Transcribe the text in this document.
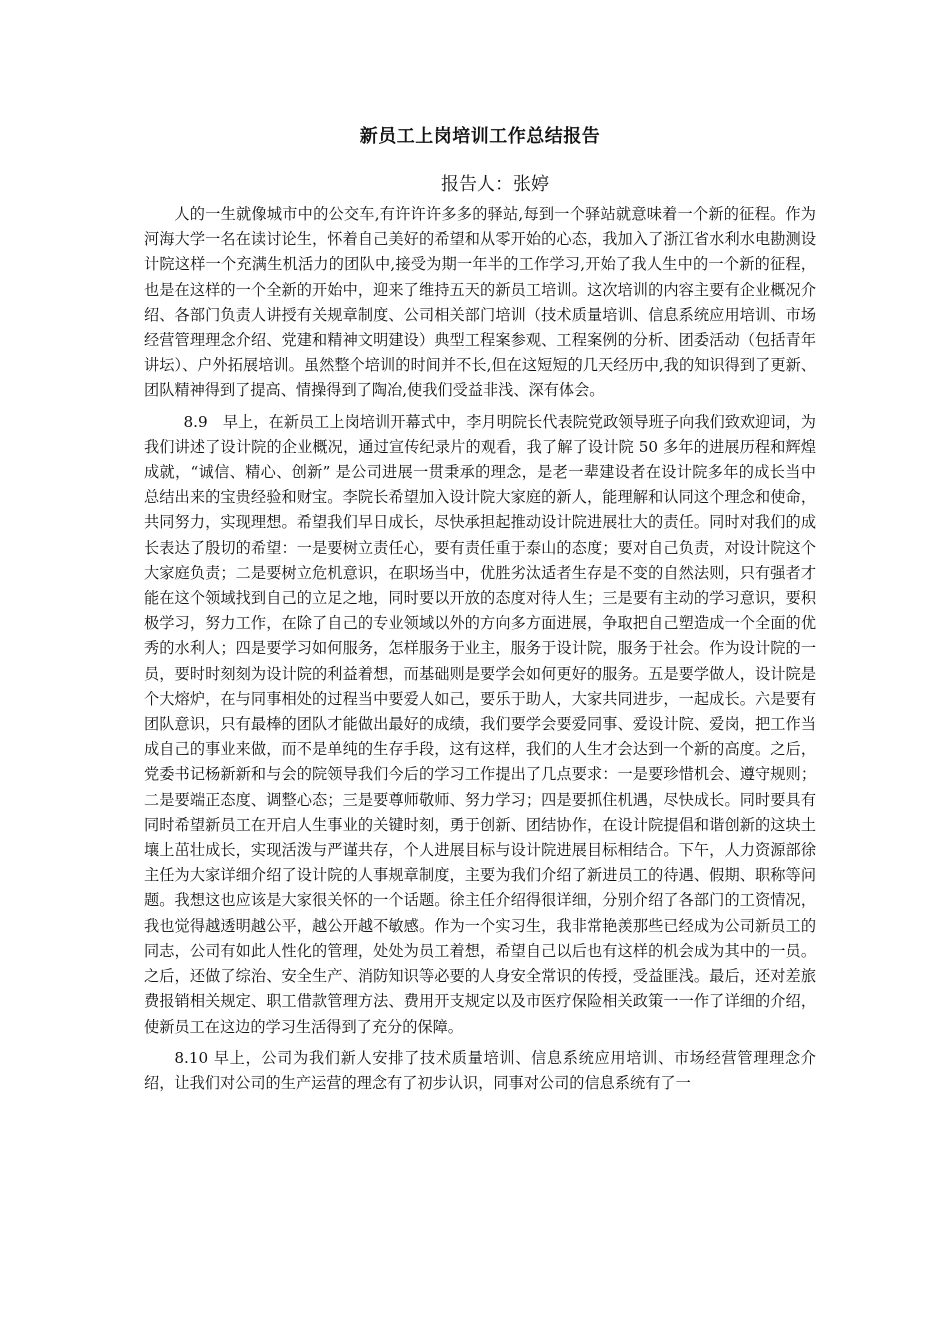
新员工上岗培训工作总结报告
报告人：张婷

人的一生就像城市中的公交车,有许许许多多的驿站,每到一个驿站就意味着一个新的征程。作为河海大学一名在读讨论生，怀着自己美好的希望和从零开始的心态，我加入了浙江省水利水电勘测设计院这样一个充满生机活力的团队中,接受为期一年半的工作学习,开始了我人生中的一个新的征程，也是在这样的一个全新的开始中，迎来了维持五天的新员工培训。这次培训的内容主要有企业概况介绍、各部门负责人讲授有关规章制度、公司相关部门培训（技术质量培训、信息系统应用培训、市场经营管理理念介绍、党建和精神文明建设）典型工程案参观、工程案例的分析、团委活动（包括青年讲坛）、户外拓展培训。虽然整个培训的时间并不长,但在这短短的几天经历中,我的知识得到了更新、团队精神得到了提高、情操得到了陶冶,使我们受益非浅、深有体会。

8.9　早上，在新员工上岗培训开幕式中，李月明院长代表院党政领导班子向我们致欢迎词，为我们讲述了设计院的企业概况，通过宣传纪录片的观看，我了解了设计院 50 多年的进展历程和辉煌成就，“诚信、精心、创新” 是公司进展一贯秉承的理念，是老一辈建设者在设计院多年的成长当中总结出来的宝贵经验和财宝。李院长希望加入设计院大家庭的新人，能理解和认同这个理念和使命，共同努力，实现理想。希望我们早日成长，尽快承担起推动设计院进展壮大的责任。同时对我们的成长表达了殷切的希望：一是要树立责任心，要有责任重于泰山的态度；要对自己负责，对设计院这个大家庭负责；二是要树立危机意识，在职场当中，优胜劣汰适者生存是不变的自然法则，只有强者才能在这个领域找到自己的立足之地，同时要以开放的态度对待人生；三是要有主动的学习意识，要积极学习，努力工作，在除了自己的专业领域以外的方向多方面进展，争取把自己塑造成一个全面的优秀的水利人；四是要学习如何服务，怎样服务于业主，服务于设计院，服务于社会。作为设计院的一员，要时时刻刻为设计院的利益着想，而基础则是要学会如何更好的服务。五是要学做人，设计院是个大熔炉，在与同事相处的过程当中要爱人如己，要乐于助人，大家共同进步，一起成长。六是要有团队意识，只有最棒的团队才能做出最好的成绩，我们要学会要爱同事、爱设计院、爱岗，把工作当成自己的事业来做，而不是单纯的生存手段，这有这样，我们的人生才会达到一个新的高度。之后，党委书记杨新新和与会的院领导我们今后的学习工作提出了几点要求：一是要珍惜机会、遵守规则；二是要端正态度、调整心态；三是要尊师敬师、努力学习；四是要抓住机遇，尽快成长。同时要具有同时希望新员工在开启人生事业的关键时刻，勇于创新、团结协作，在设计院提倡和谐创新的这块土壤上茁壮成长，实现活泼与严谨共存，个人进展目标与设计院进展目标相结合。下午，人力资源部徐主任为大家详细介绍了设计院的人事规章制度，主要为我们介绍了新进员工的待遇、假期、职称等问题。我想这也应该是大家很关怀的一个话题。徐主任介绍得很详细，分别介绍了各部门的工资情况，我也觉得越透明越公平，越公开越不敏感。作为一个实习生，我非常艳羡那些已经成为公司新员工的同志，公司有如此人性化的管理，处处为员工着想，希望自己以后也有这样的机会成为其中的一员。之后，还做了综治、安全生产、消防知识等必要的人身安全常识的传授，受益匪浅。最后，还对差旅费报销相关规定、职工借款管理方法、费用开支规定以及市医疗保险相关政策一一作了详细的介绍，使新员工在这边的学习生活得到了充分的保障。

8.10 早上，公司为我们新人安排了技术质量培训、信息系统应用培训、市场经营管理理念介绍，让我们对公司的生产运营的理念有了初步认识，同事对公司的信息系统有了一
